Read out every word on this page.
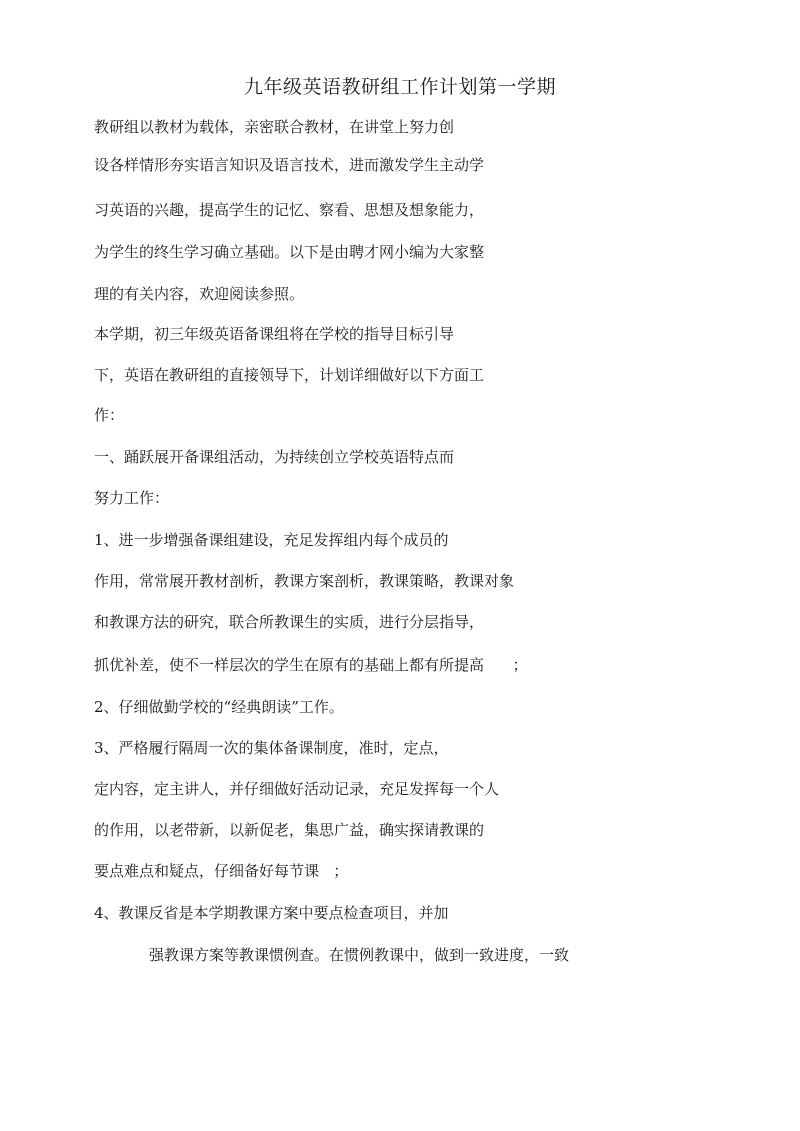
九年级英语教研组工作计划第一学期
教研组以教材为载体，亲密联合教材，在讲堂上努力创
设各样情形夯实语言知识及语言技术，进而激发学生主动学
习英语的兴趣，提高学生的记忆、察看、思想及想象能力，
为学生的终生学习确立基础。以下是由聘才网小编为大家整
理的有关内容，欢迎阅读参照。
本学期，初三年级英语备课组将在学校的指导目标引导
下，英语在教研组的直接领导下，计划详细做好以下方面工
作：
一、踊跃展开备课组活动，为持续创立学校英语特点而
努力工作：
1、进一步增强备课组建设，充足发挥组内每个成员的
作用，常常展开教材剖析，教课方案剖析，教课策略，教课对象
和教课方法的研究，联合所教课生的实质，进行分层指导，
抓优补差，使不一样层次的学生在原有的基础上都有所提高      ；
2、仔细做勤学校的“经典朗读”工作。
3、严格履行隔周一次的集体备课制度，准时，定点，
定内容，定主讲人，并仔细做好活动记录，充足发挥每一个人
的作用，以老带新，以新促老，集思广益，确实探请教课的
要点难点和疑点，仔细备好每节课   ；
4、教课反省是本学期教课方案中要点检查项目，并加
强教课方案等教课惯例查。在惯例教课中，做到一致进度，一致
